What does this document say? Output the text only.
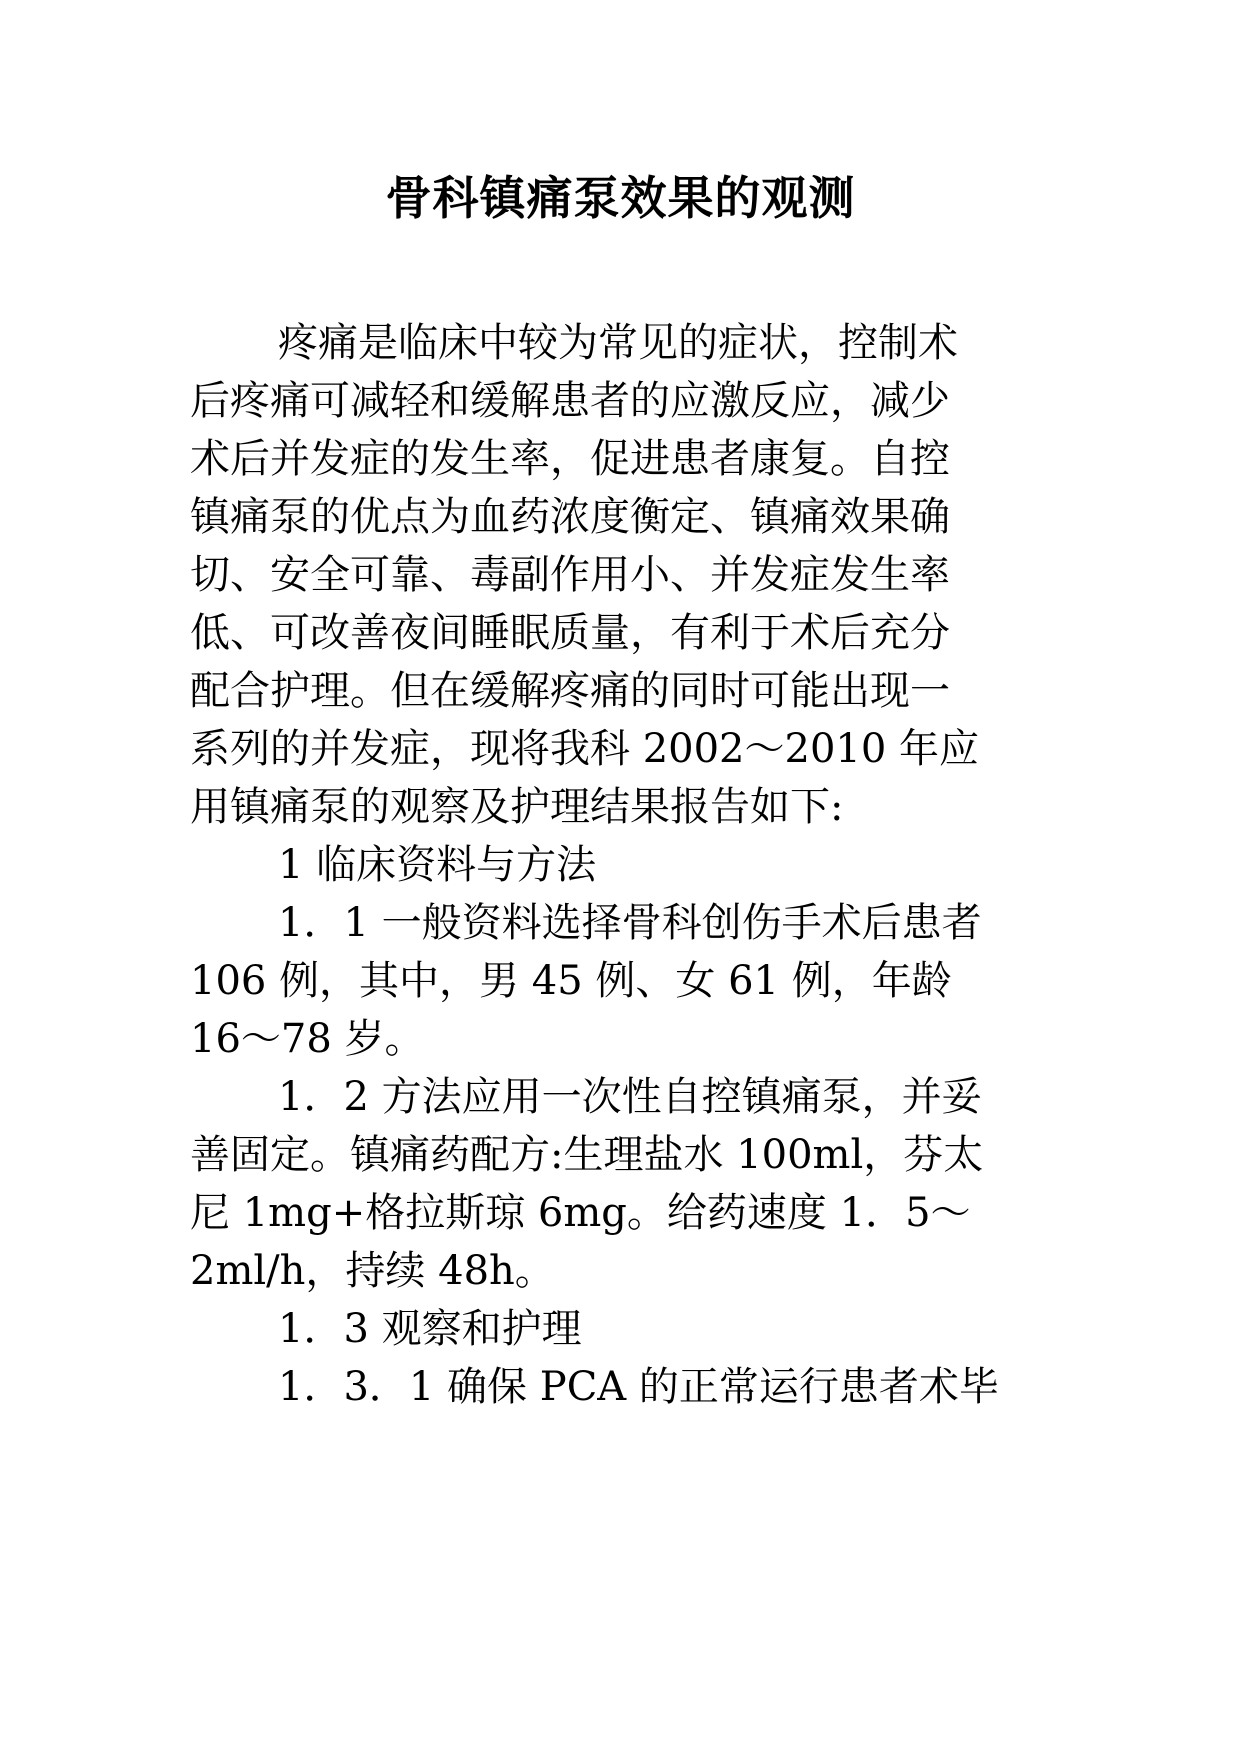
骨科镇痛泵效果的观测

疼痛是临床中较为常见的症状，控制术

后疼痛可减轻和缓解患者的应激反应，减少

术后并发症的发生率，促进患者康复。自控

镇痛泵的优点为血药浓度衡定、镇痛效果确

切、安全可靠、毒副作用小、并发症发生率

低、可改善夜间睡眠质量，有利于术后充分

配合护理。但在缓解疼痛的同时可能出现一

系列的并发症，现将我科 2002～2010 年应

用镇痛泵的观察及护理结果报告如下:

1 临床资料与方法

1．1 一般资料选择骨科创伤手术后患者

106 例，其中，男 45 例、女 61 例，年龄

16～78 岁。

1．2 方法应用一次性自控镇痛泵，并妥

善固定。镇痛药配方:生理盐水 100ml，芬太

尼 1mg+格拉斯琼 6mg。给药速度 1．5～

2ml/h，持续 48h。

1．3 观察和护理

1．3．1 确保 PCA 的正常运行患者术毕
